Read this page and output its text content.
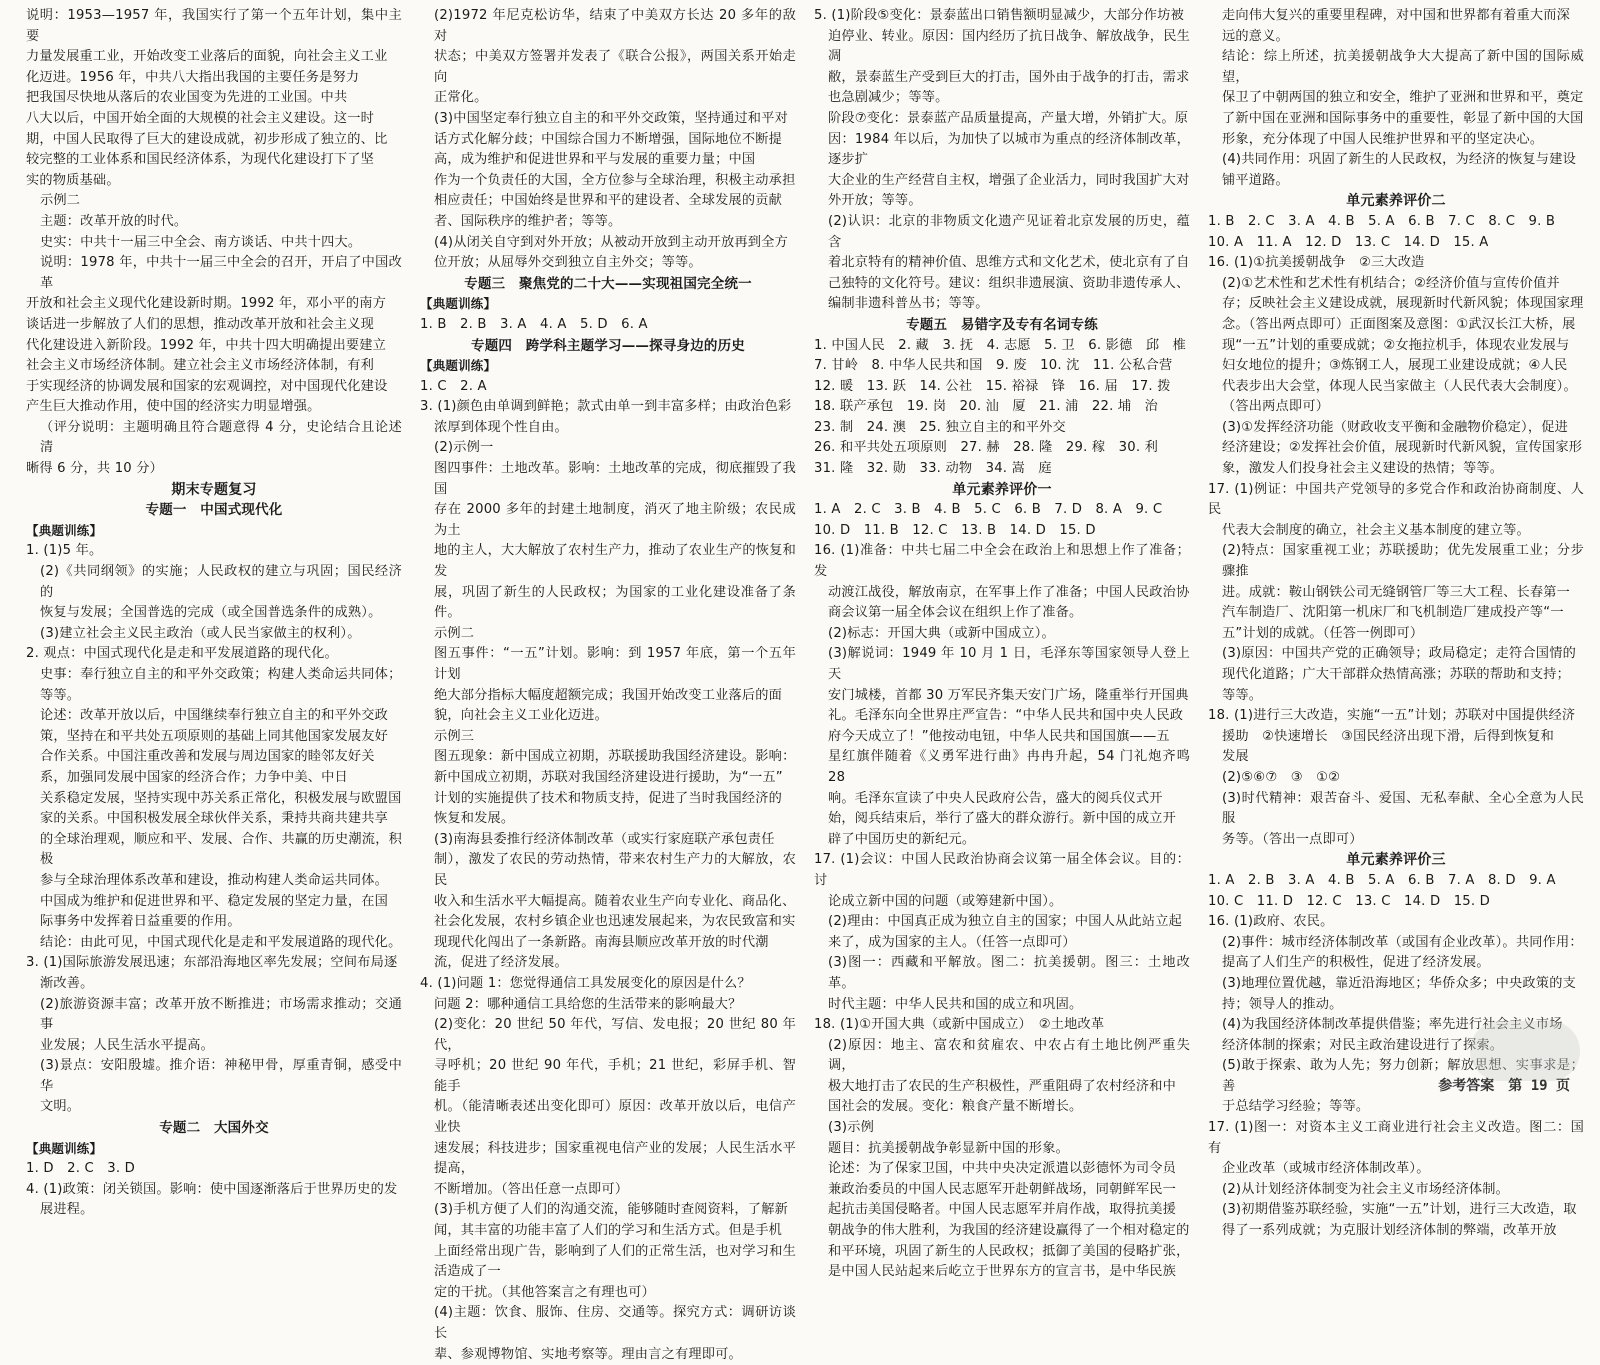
说明：1953—1957 年，我国实行了第一个五年计划，集中主要

力量发展重工业，开始改变工业落后的面貌，向社会主义工业

化迈进。1956 年，中共八大指出我国的主要任务是努力

把我国尽快地从落后的农业国变为先进的工业国。中共

八大以后，中国开始全面的大规模的社会主义建设。这一时

期，中国人民取得了巨大的建设成就，初步形成了独立的、比

较完整的工业体系和国民经济体系，为现代化建设打下了坚

实的物质基础。

示例二

主题：改革开放的时代。

史实：中共十一届三中全会、南方谈话、中共十四大。

说明：1978 年，中共十一届三中全会的召开，开启了中国改革

开放和社会主义现代化建设新时期。1992 年，邓小平的南方

谈话进一步解放了人们的思想，推动改革开放和社会主义现

代化建设进入新阶段。1992 年，中共十四大明确提出要建立

社会主义市场经济体制。建立社会主义市场经济体制，有利

于实现经济的协调发展和国家的宏观调控，对中国现代化建设

产生巨大推动作用，使中国的经济实力明显增强。

（评分说明：主题明确且符合题意得 4 分，史论结合且论述清

晰得 6 分，共 10 分）

期末专题复习

专题一　中国式现代化

【典题训练】

1. (1)5 年。

(2)《共同纲领》的实施；人民政权的建立与巩固；国民经济的

恢复与发展；全国普选的完成（或全国普选条件的成熟）。

(3)建立社会主义民主政治（或人民当家做主的权利）。

2. 观点：中国式现代化是走和平发展道路的现代化。

史事：奉行独立自主的和平外交政策；构建人类命运共同体；

等等。

论述：改革开放以后，中国继续奉行独立自主的和平外交政

策，坚持在和平共处五项原则的基础上同其他国家发展友好

合作关系。中国注重改善和发展与周边国家的睦邻友好关

系，加强同发展中国家的经济合作；力争中美、中日

关系稳定发展，坚持实现中苏关系正常化，积极发展与欧盟国

家的关系。中国积极发展全球伙伴关系，秉持共商共建共享

的全球治理观，顺应和平、发展、合作、共赢的历史潮流，积极

参与全球治理体系改革和建设，推动构建人类命运共同体。

中国成为维护和促进世界和平、稳定发展的坚定力量，在国

际事务中发挥着日益重要的作用。

结论：由此可见，中国式现代化是走和平发展道路的现代化。

3. (1)国际旅游发展迅速；东部沿海地区率先发展；空间布局逐

渐改善。

(2)旅游资源丰富；改革开放不断推进；市场需求推动；交通事

业发展；人民生活水平提高。

(3)景点：安阳殷墟。推介语：神秘甲骨，厚重青铜，感受中华

文明。

专题二　大国外交

【典题训练】

1. D　2. C　3. D

4. (1)政策：闭关锁国。影响：使中国逐渐落后于世界历史的发

展进程。

(2)1972 年尼克松访华，结束了中美双方长达 20 多年的敌对

状态；中美双方签署并发表了《联合公报》，两国关系开始走向

正常化。

(3)中国坚定奉行独立自主的和平外交政策，坚持通过和平对

话方式化解分歧；中国综合国力不断增强，国际地位不断提

高，成为维护和促进世界和平与发展的重要力量；中国

作为一个负责任的大国，全方位参与全球治理，积极主动承担

相应责任；中国始终是世界和平的建设者、全球发展的贡献

者、国际秩序的维护者；等等。

(4)从闭关自守到对外开放；从被动开放到主动开放再到全方

位开放；从屈辱外交到独立自主外交；等等。

专题三　聚焦党的二十大——实现祖国完全统一

【典题训练】

1. B　2. B　3. A　4. A　5. D　6. A

专题四　跨学科主题学习——探寻身边的历史

【典题训练】

1. C　2. A

3. (1)颜色由单调到鲜艳；款式由单一到丰富多样；由政治色彩

浓厚到体现个性自由。

(2)示例一

图四事件：土地改革。影响：土地改革的完成，彻底摧毁了我国

存在 2000 多年的封建土地制度，消灭了地主阶级；农民成为土

地的主人，大大解放了农村生产力，推动了农业生产的恢复和发

展，巩固了新生的人民政权；为国家的工业化建设准备了条件。

示例二

图五事件：“一五”计划。影响：到 1957 年底，第一个五年计划

绝大部分指标大幅度超额完成；我国开始改变工业落后的面

貌，向社会主义工业化迈进。

示例三

图五现象：新中国成立初期，苏联援助我国经济建设。影响：

新中国成立初期，苏联对我国经济建设进行援助，为“一五”

计划的实施提供了技术和物质支持，促进了当时我国经济的

恢复和发展。

(3)南海县委推行经济体制改革（或实行家庭联产承包责任

制），激发了农民的劳动热情，带来农村生产力的大解放，农民

收入和生活水平大幅提高。随着农业生产向专业化、商品化、

社会化发展，农村乡镇企业也迅速发展起来，为农民致富和实

现现代化闯出了一条新路。南海县顺应改革开放的时代潮

流，促进了经济发展。

4. (1)问题 1：您觉得通信工具发展变化的原因是什么？

问题 2：哪种通信工具给您的生活带来的影响最大？

(2)变化：20 世纪 50 年代，写信、发电报；20 世纪 80 年代，

寻呼机；20 世纪 90 年代，手机；21 世纪，彩屏手机、智能手

机。（能清晰表述出变化即可）原因：改革开放以后，电信产业快

速发展；科技进步；国家重视电信产业的发展；人民生活水平提高，

不断增加。（答出任意一点即可）

(3)手机方便了人们的沟通交流，能够随时查阅资料，了解新

闻，其丰富的功能丰富了人们的学习和生活方式。但是手机

上面经常出现广告，影响到了人们的正常生活，也对学习和生活造成了一

定的干扰。（其他答案言之有理也可）

(4)主题：饮食、服饰、住房、交通等。探究方式：调研访谈长

辈、参观博物馆、实地考察等。理由言之有理即可。

5. (1)阶段⑤变化：景泰蓝出口销售额明显减少，大部分作坊被

迫停业、转业。原因：国内经历了抗日战争、解放战争，民生凋

敝，景泰蓝生产受到巨大的打击，国外由于战争的打击，需求

也急剧减少；等等。

阶段⑦变化：景泰蓝产品质量提高，产量大增，外销扩大。原

因：1984 年以后，为加快了以城市为重点的经济体制改革，逐步扩

大企业的生产经营自主权，增强了企业活力，同时我国扩大对

外开放；等等。

(2)认识：北京的非物质文化遗产见证着北京发展的历史，蕴含

着北京特有的精神价值、思维方式和文化艺术，使北京有了自

己独特的文化符号。建议：组织非遗展演、资助非遗传承人、

编制非遗科普丛书；等等。

专题五　易错字及专有名词专练

1. 中国人民　2. 藏　3. 抚　4. 志愿　5. 卫　6. 影德　邱　椎

7. 甘岭　8. 中华人民共和国　9. 废　10. 沈　11. 公私合营

12. 暖　13. 跃　14. 公社　15. 裕禄　锋　16. 届　17. 拨

18. 联产承包　19. 岗　20. 汕　厦　21. 浦　22. 埔　治

23. 制　24. 澳　25. 独立自主的和平外交

26. 和平共处五项原则　27. 赫　28. 隆　29. 稼　30. 利

31. 隆　32. 勋　33. 动物　34. 嵩　庭

单元素养评价一

1. A　2. C　3. B　4. B　5. C　6. B　7. D　8. A　9. C

10. D　11. B　12. C　13. B　14. D　15. D

16. (1)准备：中共七届二中全会在政治上和思想上作了准备；发

动渡江战役，解放南京，在军事上作了准备；中国人民政治协

商会议第一届全体会议在组织上作了准备。

(2)标志：开国大典（或新中国成立）。

(3)解说词：1949 年 10 月 1 日，毛泽东等国家领导人登上天

安门城楼，首都 30 万军民齐集天安门广场，隆重举行开国典

礼。毛泽东向全世界庄严宣告：“中华人民共和国中央人民政

府今天成立了！”他按动电钮，中华人民共和国国旗——五

星红旗伴随着《义勇军进行曲》冉冉升起，54 门礼炮齐鸣 28

响。毛泽东宣读了中央人民政府公告，盛大的阅兵仪式开

始，阅兵结束后，举行了盛大的群众游行。新中国的成立开

辟了中国历史的新纪元。

17. (1)会议：中国人民政治协商会议第一届全体会议。目的：讨

论成立新中国的问题（或筹建新中国）。

(2)理由：中国真正成为独立自主的国家；中国人从此站立起

来了，成为国家的主人。（任答一点即可）

(3)图一：西藏和平解放。图二：抗美援朝。图三：土地改革。

时代主题：中华人民共和国的成立和巩固。

18. (1)①开国大典（或新中国成立）　②土地改革

(2)原因：地主、富农和贫雇农、中农占有土地比例严重失调，

极大地打击了农民的生产积极性，严重阻碍了农村经济和中

国社会的发展。变化：粮食产量不断增长。

(3)示例

题目：抗美援朝战争彰显新中国的形象。

论述：为了保家卫国，中共中央决定派遣以彭德怀为司令员

兼政治委员的中国人民志愿军开赴朝鲜战场，同朝鲜军民一

起抗击美国侵略者。中国人民志愿军并肩作战，取得抗美援

朝战争的伟大胜利，为我国的经济建设赢得了一个相对稳定的

和平环境，巩固了新生的人民政权；抵御了美国的侵略扩张，

是中国人民站起来后屹立于世界东方的宣言书，是中华民族

走向伟大复兴的重要里程碑，对中国和世界都有着重大而深

远的意义。

结论：综上所述，抗美援朝战争大大提高了新中国的国际威望，

保卫了中朝两国的独立和安全，维护了亚洲和世界和平，奠定

了新中国在亚洲和国际事务中的重要性，彰显了新中国的大国

形象，充分体现了中国人民维护世界和平的坚定决心。

(4)共同作用：巩固了新生的人民政权，为经济的恢复与建设

铺平道路。

单元素养评价二

1. B　2. C　3. A　4. B　5. A　6. B　7. C　8. C　9. B

10. A　11. A　12. D　13. C　14. D　15. A

16. (1)①抗美援朝战争　②三大改造

(2)①艺术性和艺术性有机结合；②经济价值与宣传价值并

存；反映社会主义建设成就，展现新时代新风貌；体现国家理

念。（答出两点即可）正面图案及意图：①武汉长江大桥，展

现“一五”计划的重要成就；②女拖拉机手，体现农业发展与

妇女地位的提升；③炼钢工人，展现工业建设成就；④人民

代表步出大会堂，体现人民当家做主（人民代表大会制度）。

（答出两点即可）

(3)①发挥经济功能（财政收支平衡和金融物价稳定），促进

经济建设；②发挥社会价值，展现新时代新风貌，宣传国家形

象，激发人们投身社会主义建设的热情；等等。

17. (1)例证：中国共产党领导的多党合作和政治协商制度、人民

代表大会制度的确立，社会主义基本制度的建立等。

(2)特点：国家重视工业；苏联援助；优先发展重工业；分步骤推

进。成就：鞍山钢铁公司无缝钢管厂等三大工程、长春第一

汽车制造厂、沈阳第一机床厂和飞机制造厂建成投产等“一

五”计划的成就。（任答一例即可）

(3)原因：中国共产党的正确领导；政局稳定；走符合国情的

现代化道路；广大干部群众热情高涨；苏联的帮助和支持；

等等。

18. (1)进行三大改造，实施“一五”计划；苏联对中国提供经济

援助　②快速增长　③国民经济出现下滑，后得到恢复和

发展

(2)⑤⑥⑦　③　①②

(3)时代精神：艰苦奋斗、爱国、无私奉献、全心全意为人民服

务等。（答出一点即可）

单元素养评价三

1. A　2. B　3. A　4. B　5. A　6. B　7. A　8. D　9. A

10. C　11. D　12. C　13. C　14. D　15. D

16. (1)政府、农民。

(2)事件：城市经济体制改革（或国有企业改革）。共同作用：

提高了人们生产的积极性，促进了经济发展。

(3)地理位置优越，靠近沿海地区；华侨众多；中央政策的支

持；领导人的推动。

(4)为我国经济体制改革提供借鉴；率先进行社会主义市场

经济体制的探索；对民主政治建设进行了探索。

(5)敢于探索、敢为人先；努力创新；解放思想、实事求是；善

于总结学习经验；等等。

17. (1)图一：对资本主义工商业进行社会主义改造。图二：国有

企业改革（或城市经济体制改革）。

(2)从计划经济体制变为社会主义市场经济体制。

(3)初期借鉴苏联经验，实施“一五”计划，进行三大改造，取

得了一系列成就；为克服计划经济体制的弊端，改革开放

参考答案　第 19 页
